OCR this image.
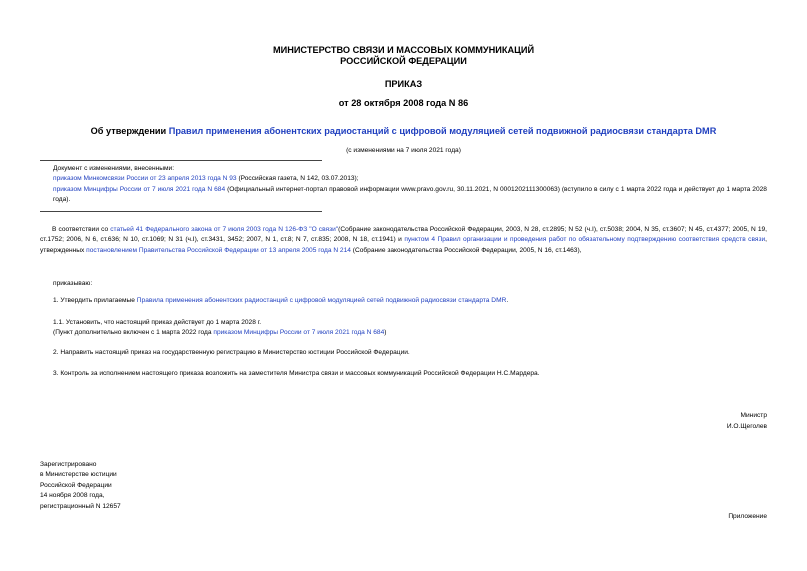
МИНИСТЕРСТВО СВЯЗИ И МАССОВЫХ КОММУНИКАЦИЙ
РОССИЙСКОЙ ФЕДЕРАЦИИ
ПРИКАЗ
от 28 октября 2008 года N 86
Об утверждении Правил применения абонентских радиостанций с цифровой модуляцией сетей подвижной радиосвязи стандарта DMR
(с изменениями на 7 июля 2021 года)
Документ с изменениями, внесенными:
приказом Минкомсвязи России от 23 апреля 2013 года N 93 (Российская газета, N 142, 03.07.2013);
приказом Минцифры России от 7 июля 2021 года N 684 (Официальный интернет-портал правовой информации www.pravo.gov.ru, 30.11.2021, N 0001202111300063) (вступило в силу с 1 марта 2022 года и действует до 1 марта 2028 года).
В соответствии со статьей 41 Федерального закона от 7 июля 2003 года N 126-ФЗ "О связи"(Собрание законодательства Российской Федерации, 2003, N 28, ст.2895; N 52 (ч.I), ст.5038; 2004, N 35, ст.3607; N 45, ст.4377; 2005, N 19, ст.1752; 2006, N 6, ст.636; N 10, ст.1069; N 31 (ч.I), ст.3431, 3452; 2007, N 1, ст.8; N 7, ст.835; 2008, N 18, ст.1941) и пунктом 4 Правил организации и проведения работ по обязательному подтверждению соответствия средств связи, утвержденных постановлением Правительства Российской Федерации от 13 апреля 2005 года N 214 (Собрание законодательства Российской Федерации, 2005, N 16, ст.1463),
приказываю:
1. Утвердить прилагаемые Правила применения абонентских радиостанций с цифровой модуляцией сетей подвижной радиосвязи стандарта DMR.
1.1. Установить, что настоящий приказ действует до 1 марта 2028 г.
(Пункт дополнительно включен с 1 марта 2022 года приказом Минцифры России от 7 июля 2021 года N 684)
2. Направить настоящий приказ на государственную регистрацию в Министерство юстиции Российской Федерации.
3. Контроль за исполнением настоящего приказа возложить на заместителя Министра связи и массовых коммуникаций Российской Федерации Н.С.Мардера.
Министр
И.О.Щеголев
Зарегистрировано
в Министерстве юстиции
Российской Федерации
14 ноября 2008 года,
регистрационный N 12657
Приложение
